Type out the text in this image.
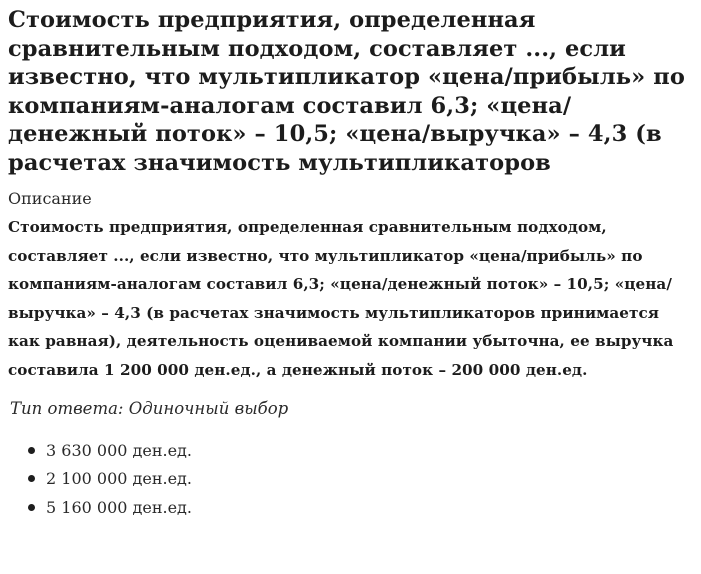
Стоимость предприятия, определенная сравнительным подходом, составляет ..., если известно, что мультипликатор «цена/прибыль» по компаниям-аналогам составил 6,3; «цена/денежный поток» – 10,5; «цена/выручка» – 4,3 (в расчетах значимость мультипликаторов
Описание
Стоимость предприятия, определенная сравнительным подходом, составляет ..., если известно, что мультипликатор «цена/прибыль» по компаниям-аналогам составил 6,3; «цена/денежный поток» – 10,5; «цена/выручка» – 4,3 (в расчетах значимость мультипликаторов принимается как равная), деятельность оцениваемой компании убыточна, ее выручка составила 1 200 000 ден.ед., а денежный поток – 200 000 ден.ед.
Тип ответа: Одиночный выбор
3 630 000 ден.ед.
2 100 000 ден.ед.
5 160 000 ден.ед.
